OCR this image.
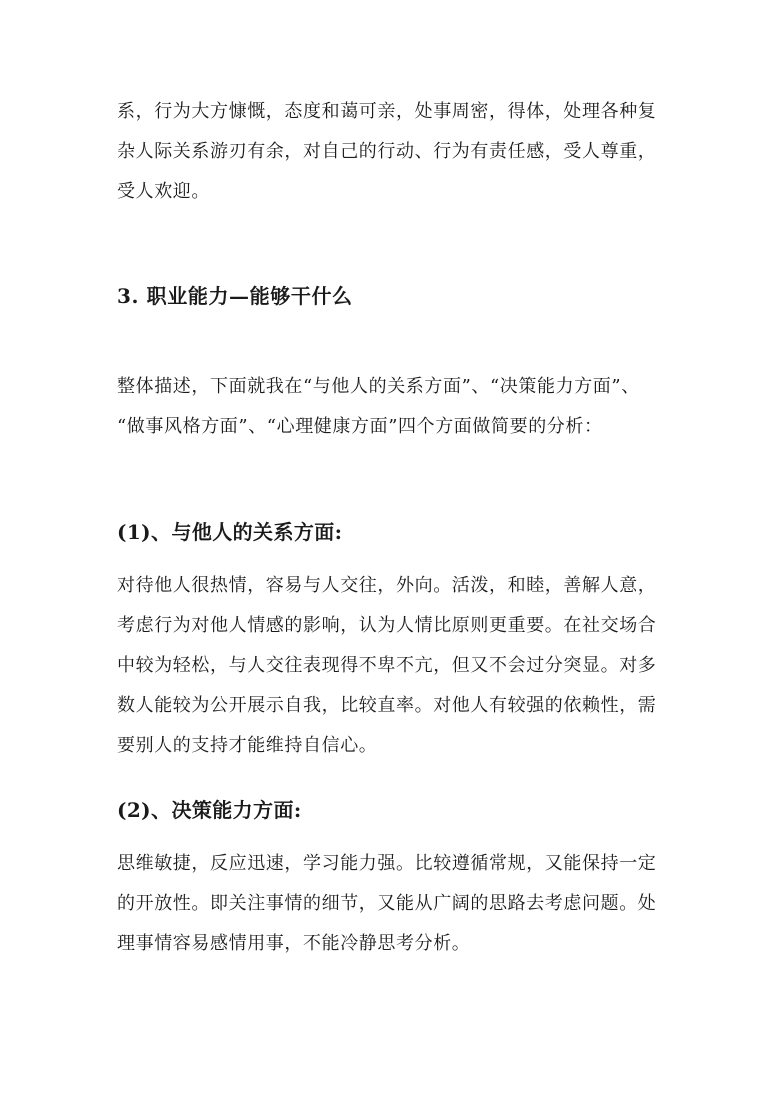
系，行为大方慷慨，态度和蔼可亲，处事周密，得体，处理各种复
杂人际关系游刃有余，对自己的行动、行为有责任感，受人尊重，
受人欢迎。
3. 职业能力—能够干什么
整体描述，下面就我在“与他人的关系方面”、“决策能力方面”、
“做事风格方面”、“心理健康方面”四个方面做简要的分析：
(1)、与他人的关系方面:
对待他人很热情，容易与人交往，外向。活泼，和睦，善解人意，
考虑行为对他人情感的影响，认为人情比原则更重要。在社交场合
中较为轻松，与人交往表现得不卑不亢，但又不会过分突显。对多
数人能较为公开展示自我，比较直率。对他人有较强的依赖性，需
要别人的支持才能维持自信心。
(2)、决策能力方面:
思维敏捷，反应迅速，学习能力强。比较遵循常规，又能保持一定
的开放性。即关注事情的细节，又能从广阔的思路去考虑问题。处
理事情容易感情用事，不能冷静思考分析。
